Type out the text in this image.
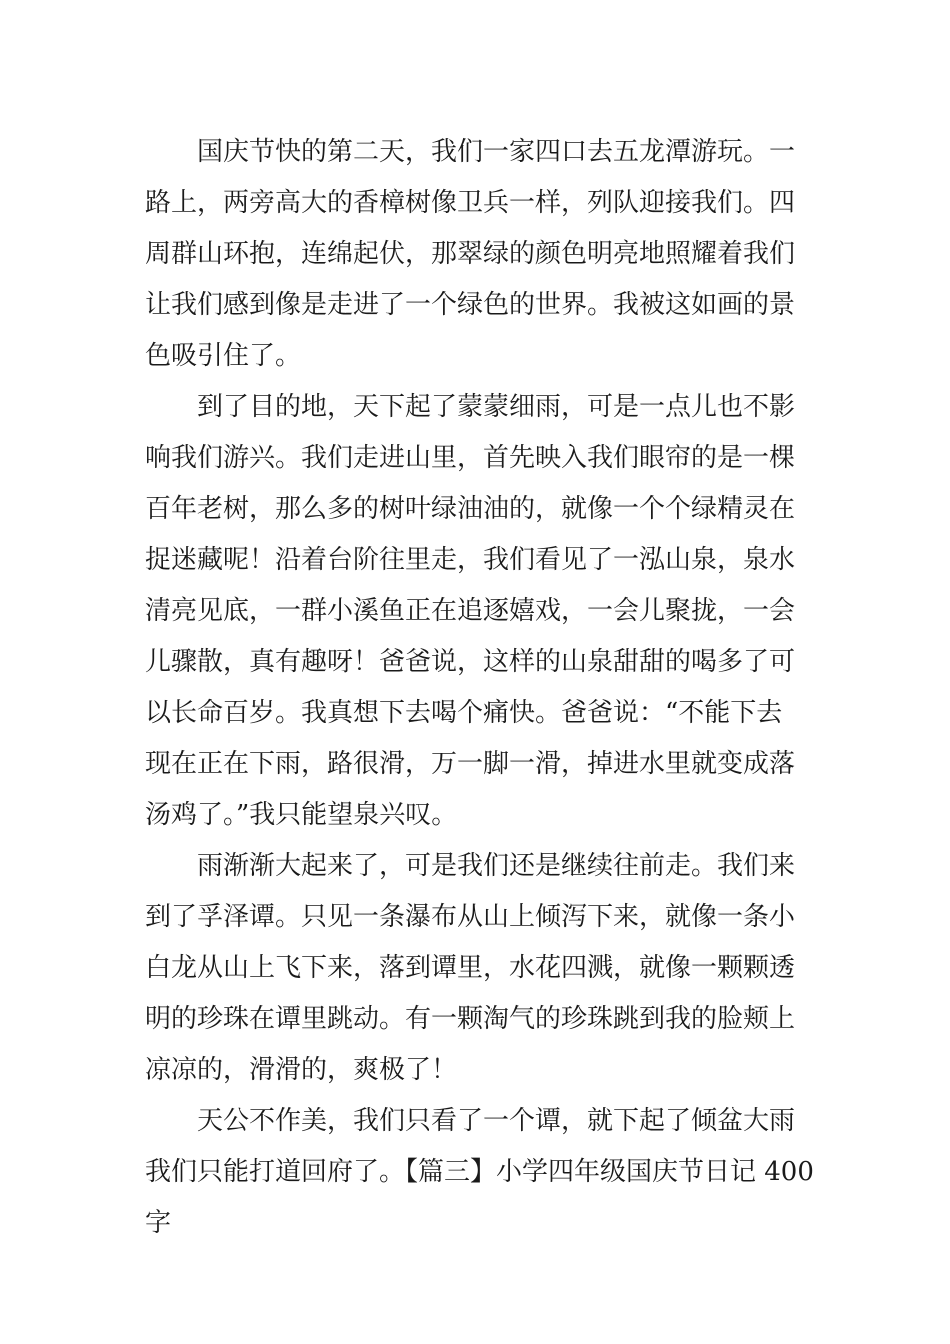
　　国庆节快的第二天，我们一家四口去五龙潭游玩。一
路上，两旁高大的香樟树像卫兵一样，列队迎接我们。四
周群山环抱，连绵起伏，那翠绿的颜色明亮地照耀着我们
让我们感到像是走进了一个绿色的世界。我被这如画的景
色吸引住了。
　　到了目的地，天下起了蒙蒙细雨，可是一点儿也不影
响我们游兴。我们走进山里，首先映入我们眼帘的是一棵
百年老树，那么多的树叶绿油油的，就像一个个绿精灵在
捉迷藏呢！沿着台阶往里走，我们看见了一泓山泉，泉水
清亮见底，一群小溪鱼正在追逐嬉戏，一会儿聚拢，一会
儿骤散，真有趣呀！爸爸说，这样的山泉甜甜的喝多了可
以长命百岁。我真想下去喝个痛快。爸爸说：“不能下去
现在正在下雨，路很滑，万一脚一滑，掉进水里就变成落
汤鸡了。”我只能望泉兴叹。
　　雨渐渐大起来了，可是我们还是继续往前走。我们来
到了孚泽谭。只见一条瀑布从山上倾泻下来，就像一条小
白龙从山上飞下来，落到谭里，水花四溅，就像一颗颗透
明的珍珠在谭里跳动。有一颗淘气的珍珠跳到我的脸颊上
凉凉的，滑滑的，爽极了！
　　天公不作美，我们只看了一个谭，就下起了倾盆大雨
我们只能打道回府了。【篇三】小学四年级国庆节日记 400
字
